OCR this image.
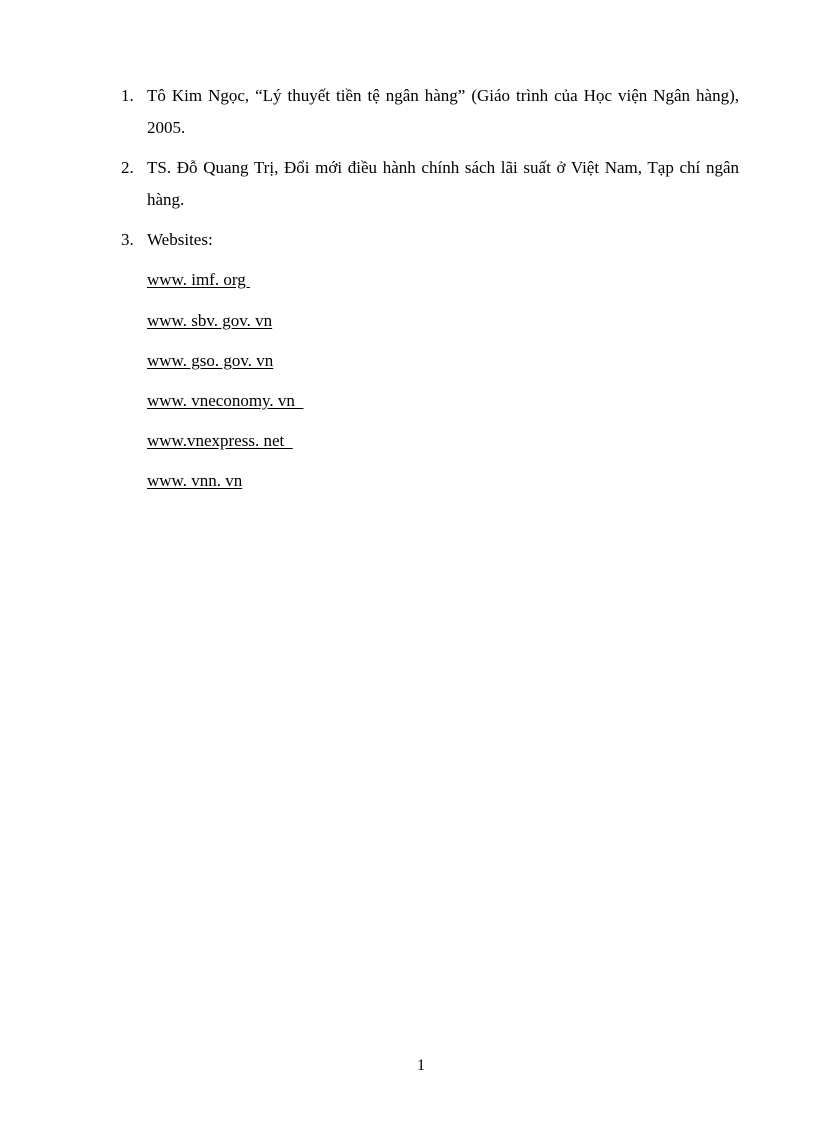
1. Tô Kim Ngọc, “Lý thuyết tiền tệ ngân hàng” (Giáo trình của Học viện Ngân hàng), 2005.
2. TS. Đỗ Quang Trị, Đổi mới điều hành chính sách lãi suất ở Việt Nam, Tạp chí ngân hàng.
3. Websites:
www. imf. org
www. sbv. gov. vn
www. gso. gov. vn
www. vneconomy. vn
www.vnexpress. net
www. vnn. vn
1
